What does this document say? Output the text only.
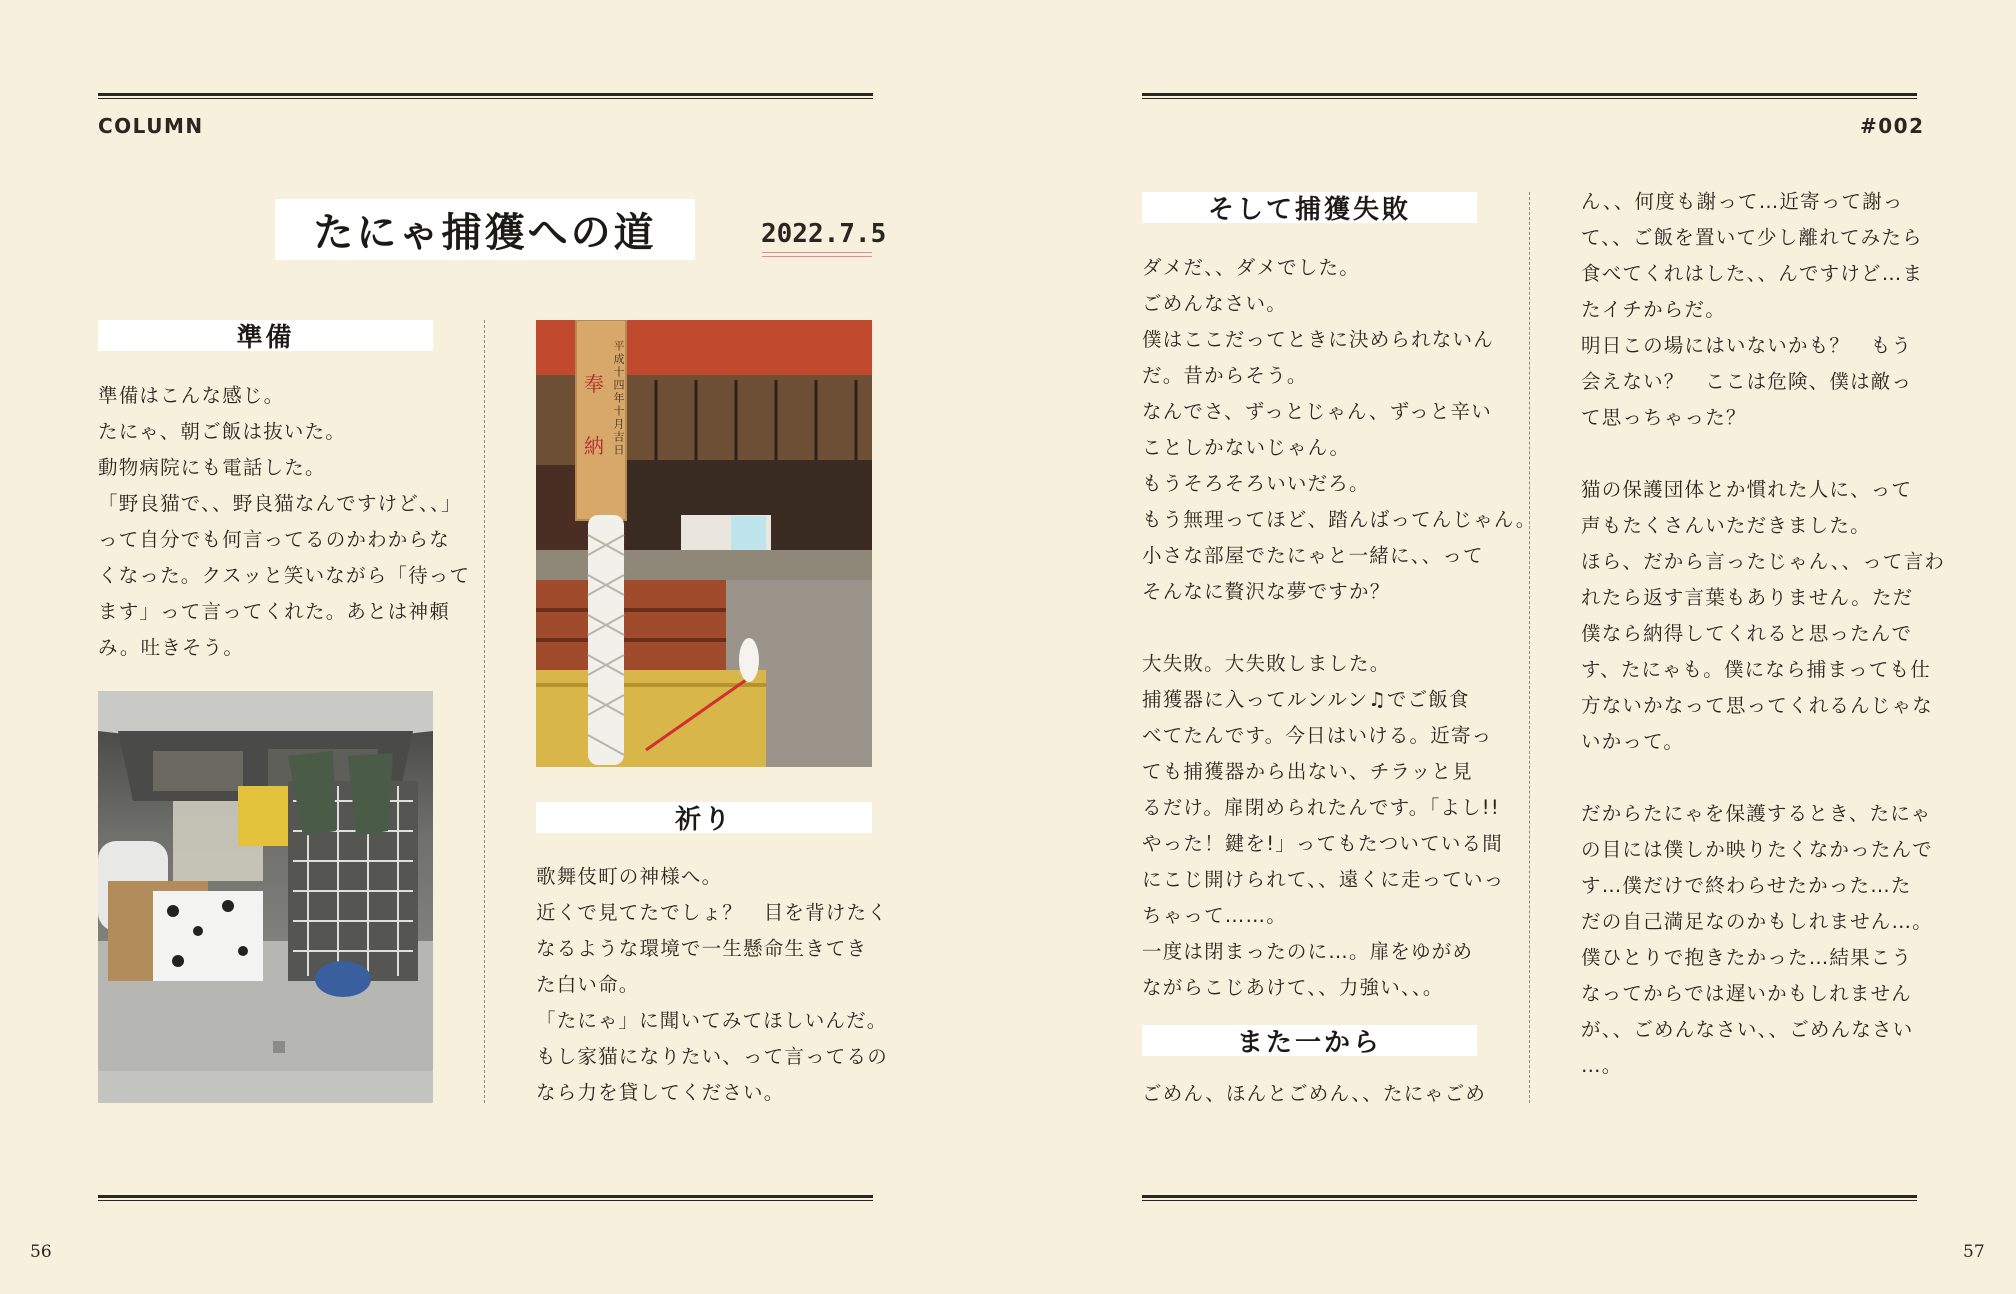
COLUMN	#002
たにゃ捕獲への道	2022.7.5
準備

準備はこんな感じ。

たにゃ、朝ご飯は抜いた。

動物病院にも電話した。

「野良猫で、、野良猫なんですけど、、」

って自分でも何言ってるのかわからな

くなった。クスッと笑いながら「待って

ます」って言ってくれた。あとは神頼

み。吐きそう。

平成十四年十月吉日
奉
納
祈り

歌舞伎町の神様へ。

近くで見てたでしょ？　目を背けたく

なるような環境で一生懸命生きてき

た白い命。

「たにゃ」に聞いてみてほしいんだ。

もし家猫になりたい、って言ってるの

なら力を貸してください。

そして捕獲失敗

ダメだ、、ダメでした。

ごめんなさい。

僕はここだってときに決められないん

だ。昔からそう。

なんでさ、ずっとじゃん、ずっと辛い

ことしかないじゃん。

もうそろそろいいだろ。

もう無理ってほど、踏んばってんじゃん。

小さな部屋でたにゃと一緒に、、って

そんなに贅沢な夢ですか？

大失敗。大失敗しました。

捕獲器に入ってルンルン♫でご飯食

べてたんです。今日はいける。近寄っ

ても捕獲器から出ない、チラッと見

るだけ。扉閉められたんです。「よし!!

やった！鍵を!」ってもたついている間

にこじ開けられて、、遠くに走っていっ

ちゃって……。

一度は閉まったのに…。扉をゆがめ

ながらこじあけて、、力強い、、。

また一から

ごめん、ほんとごめん、、たにゃごめ

ん、、何度も謝って…近寄って謝っ

て、、ご飯を置いて少し離れてみたら

食べてくれはした、、んですけど…ま

たイチからだ。

明日この場にはいないかも？　もう

会えない？　ここは危険、僕は敵っ

て思っちゃった？

猫の保護団体とか慣れた人に、って

声もたくさんいただきました。

ほら、だから言ったじゃん、、って言わ

れたら返す言葉もありません。ただ

僕なら納得してくれると思ったんで

す、たにゃも。僕になら捕まっても仕

方ないかなって思ってくれるんじゃな

いかって。

だからたにゃを保護するとき、たにゃ

の目には僕しか映りたくなかったんで

す…僕だけで終わらせたかった…た

だの自己満足なのかもしれません…。

僕ひとりで抱きたかった…結果こう

なってからでは遅いかもしれません

が、、ごめんなさい、、ごめんなさい

…。

56	57
